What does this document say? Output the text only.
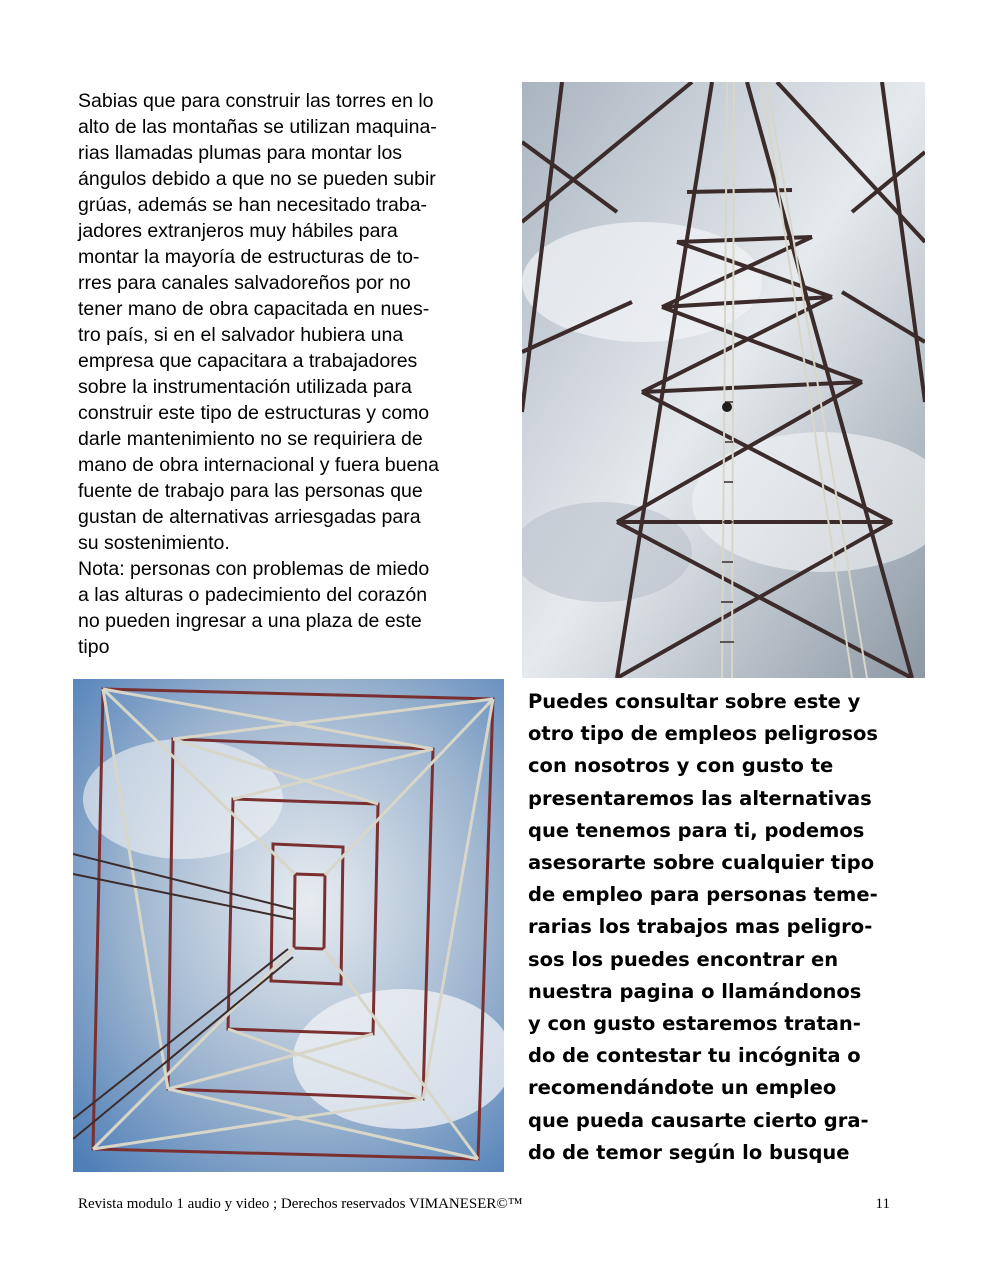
Sabias que para construir las torres en lo

alto de las montañas se utilizan maquina-

rias llamadas plumas para montar los

ángulos debido a que no se pueden subir

grúas, además se han necesitado traba-

jadores extranjeros muy hábiles para

montar la mayoría de estructuras de to-

rres para canales salvadoreños por no

tener mano de obra capacitada en nues-

tro país, si en el salvador hubiera una

empresa que capacitara a trabajadores

sobre la instrumentación utilizada para

construir este tipo de estructuras y como

darle mantenimiento no se requiriera de

mano de obra internacional y fuera buena

fuente de trabajo para las personas que

gustan de alternativas arriesgadas para

su sostenimiento.

Nota: personas con problemas de miedo

a las alturas o padecimiento del corazón

no pueden ingresar a una plaza de este

tipo

Puedes consultar sobre este y
otro tipo de empleos peligrosos
con nosotros y con gusto te
presentaremos las alternativas
que tenemos para ti, podemos
asesorarte sobre cualquier tipo
de empleo para personas teme-
rarias los trabajos mas peligro-
sos los puedes encontrar en
nuestra pagina o llamándonos
y con gusto estaremos tratan-
do de contestar tu incógnita o
recomendándote un empleo
que pueda causarte cierto gra-
do de temor según lo busque
Revista modulo 1 audio y video ; Derechos reservados VIMANESER©™	11
